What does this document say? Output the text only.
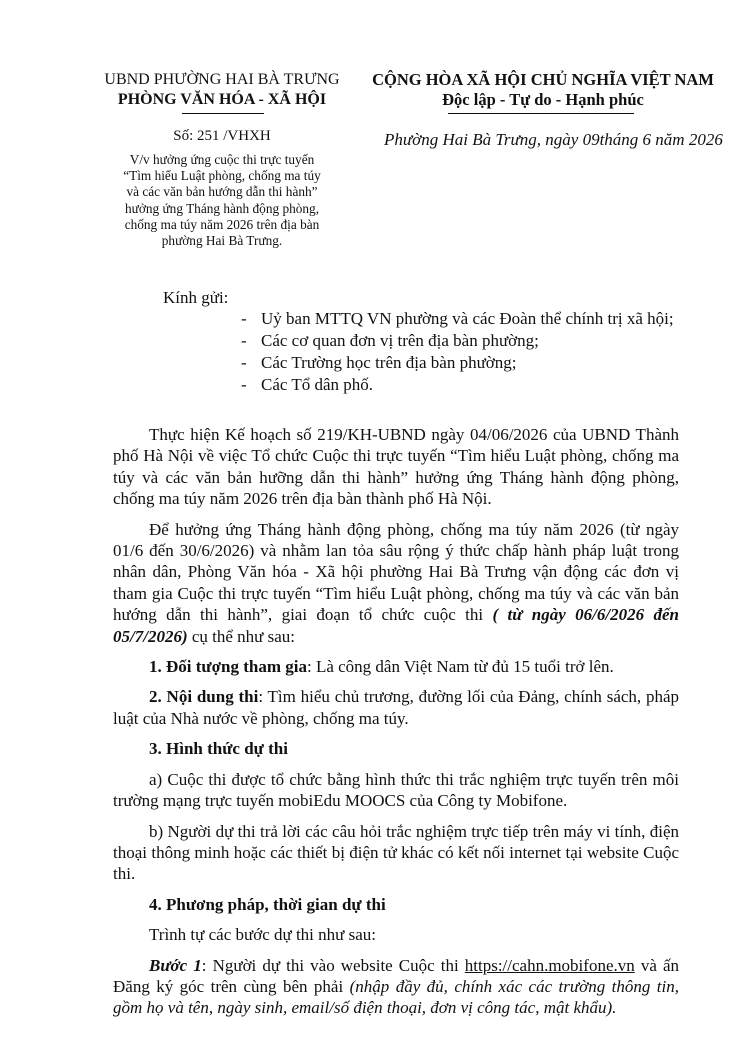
UBND PHƯỜNG HAI BÀ TRƯNG
PHÒNG VĂN HÓA - XÃ HỘI
Số: 251 /VHXH
V/v hưởng ứng cuộc thi trực tuyến
“Tìm hiểu Luật phòng, chống ma túy
và các văn bản hướng dẫn thi hành”
hưởng ứng Tháng hành động phòng,
chống ma túy năm 2026 trên địa bàn
phường Hai Bà Trưng.
CỘNG HÒA XÃ HỘI CHỦ NGHĨA VIỆT NAM
Độc lập - Tự do - Hạnh phúc
Phường Hai Bà Trưng, ngày 09tháng 6 năm 2026
Kính gửi:
- Uỷ ban MTTQ VN phường và các Đoàn thể chính trị xã hội;
- Các cơ quan đơn vị trên địa bàn phường;
- Các Trường học trên địa bàn phường;
- Các Tổ dân phố.

Thực hiện Kế hoạch số 219/KH-UBND ngày 04/06/2026 của UBND Thành phố Hà Nội về việc Tổ chức Cuộc thi trực tuyến “Tìm hiểu Luật phòng, chống ma túy và các văn bản hưỡng dẫn thi hành” hưởng ứng Tháng hành động phòng, chống ma túy năm 2026 trên địa bàn thành phố Hà Nội.

Để hưởng ứng Tháng hành động phòng, chống ma túy năm 2026 (từ ngày 01/6 đến 30/6/2026) và nhằm lan tỏa sâu rộng ý thức chấp hành pháp luật trong nhân dân, Phòng Văn hóa - Xã hội phường Hai Bà Trưng vận động các đơn vị tham gia Cuộc thi trực tuyến “Tìm hiểu Luật phòng, chống ma túy và các văn bản hướng dẫn thi hành”, giai đoạn tổ chức cuộc thi ( từ ngày 06/6/2026 đến 05/7/2026) cụ thể như sau:

1. Đối tượng tham gia: Là công dân Việt Nam từ đủ 15 tuổi trở lên.

2. Nội dung thi: Tìm hiểu chủ trương, đường lối của Đảng, chính sách, pháp luật của Nhà nước về phòng, chống ma túy.

3. Hình thức dự thi

a) Cuộc thi được tổ chức bằng hình thức thi trắc nghiệm trực tuyến trên môi trường mạng trực tuyến mobiEdu MOOCS của Công ty Mobifone.

b) Người dự thi trả lời các câu hỏi trắc nghiệm trực tiếp trên máy vi tính, điện thoại thông minh hoặc các thiết bị điện tử khác có kết nối internet tại website Cuộc thi.

4. Phương pháp, thời gian dự thi

Trình tự các bước dự thi như sau:

Bước 1: Người dự thi vào website Cuộc thi https://cahn.mobifone.vn và ấn Đăng ký góc trên cùng bên phải (nhập đầy đủ, chính xác các trường thông tin, gồm họ và tên, ngày sinh, email/số điện thoại, đơn vị công tác, mật khẩu).
